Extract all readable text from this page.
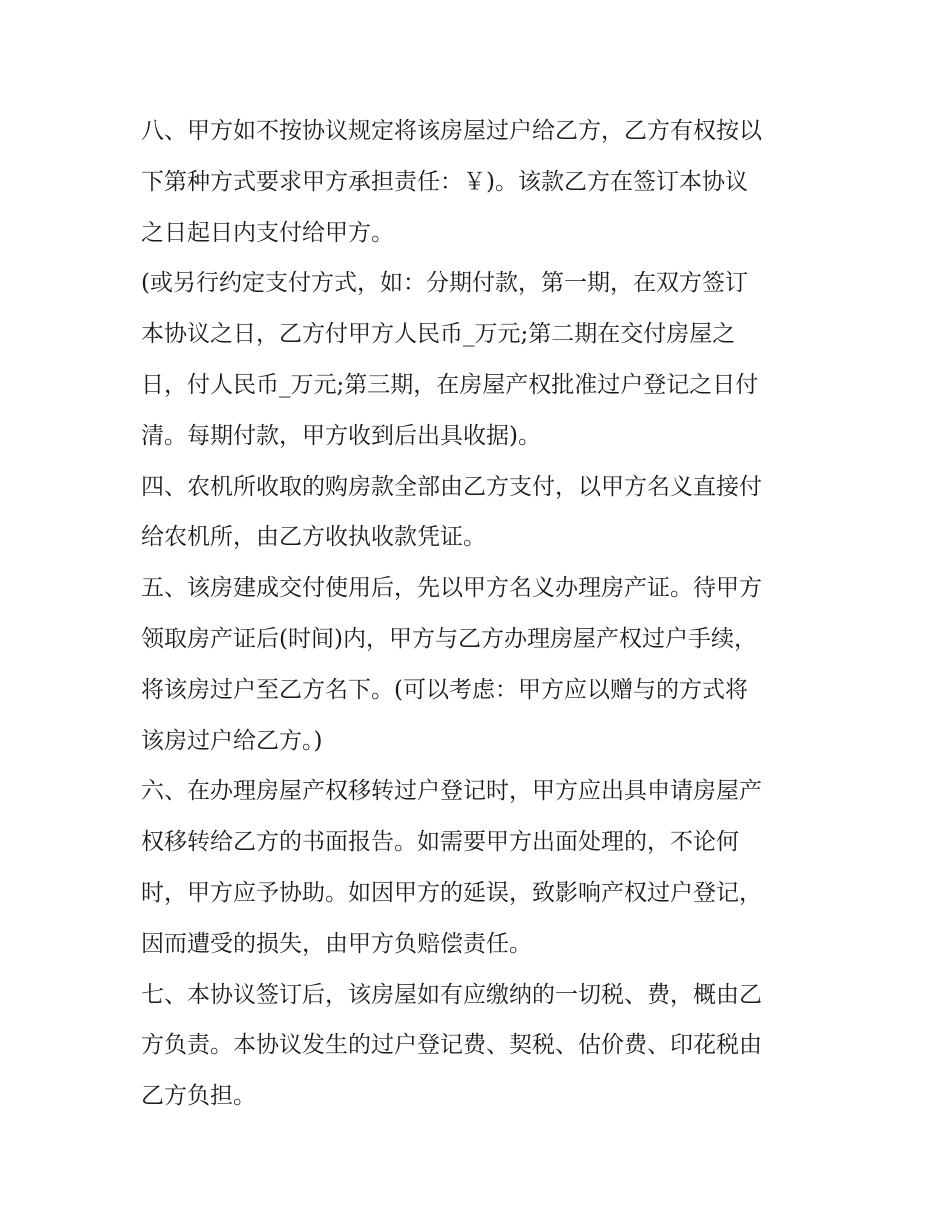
八、甲方如不按协议规定将该房屋过户给乙方，乙方有权按以

下第种方式要求甲方承担责任：￥)。该款乙方在签订本协议

之日起日内支付给甲方。

(或另行约定支付方式，如：分期付款，第一期，在双方签订

本协议之日，乙方付甲方人民币_万元;第二期在交付房屋之

日，付人民币_万元;第三期，在房屋产权批准过户登记之日付

清。每期付款，甲方收到后出具收据)。

四、农机所收取的购房款全部由乙方支付，以甲方名义直接付

给农机所，由乙方收执收款凭证。

五、该房建成交付使用后，先以甲方名义办理房产证。待甲方

领取房产证后(时间)内，甲方与乙方办理房屋产权过户手续，

将该房过户至乙方名下。(可以考虑：甲方应以赠与的方式将

该房过户给乙方。)

六、在办理房屋产权移转过户登记时，甲方应出具申请房屋产

权移转给乙方的书面报告。如需要甲方出面处理的，不论何

时，甲方应予协助。如因甲方的延误，致影响产权过户登记，

因而遭受的损失，由甲方负赔偿责任。

七、本协议签订后，该房屋如有应缴纳的一切税、费，概由乙

方负责。本协议发生的过户登记费、契税、估价费、印花税由

乙方负担。
